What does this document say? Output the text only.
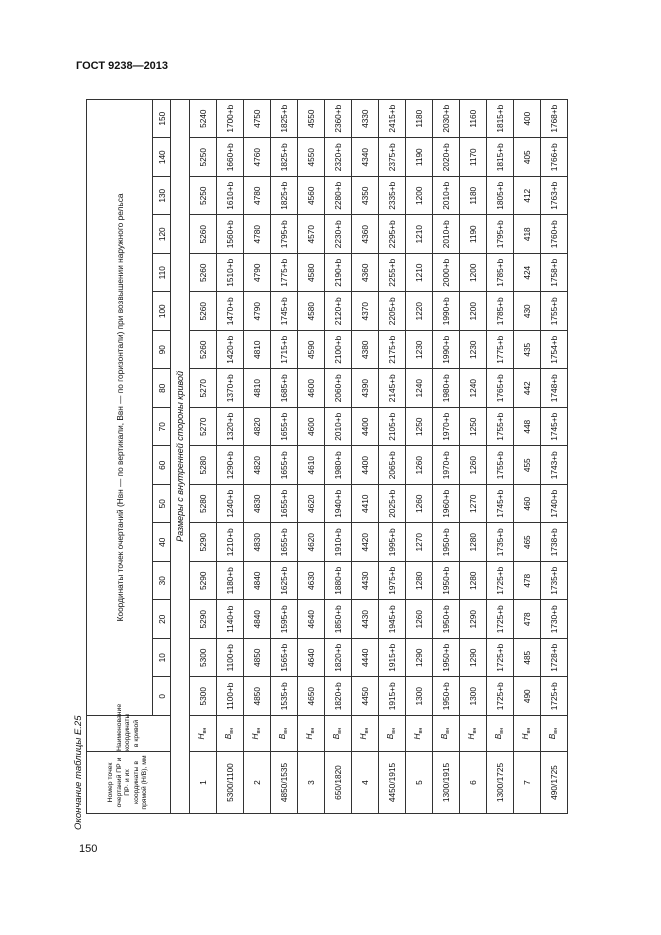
ГОСТ 9238—2013
Окончание таблицы Е.25	Номер точек очертаний ПР и ПР· и их координаты в прямой (H/B), мм	Наименование координаты в кривой	Координаты точек очертаний (Hвн — по вертикали, Bвн — по горизонтали) при возвышении наружного рельса															
		0	10	20	30	40	50	60	70	80	90	100	110	120	130	140	150
Размеры с внутренней стороны кривой																	
1	$H_{вн}$	5300	5300	5290	5290	5290	5280	5280	5270	5270	5260	5260	5260	5260	5250	5250	5240
5300/1100	$B_{вн}$	1100+b	1100+b	1140+b	1180+b	1210+b	1240+b	1290+b	1320+b	1370+b	1420+b	1470+b	1510+b	1560+b	1610+b	1660+b	1700+b
2	$H_{вн}$	4850	4850	4840	4840	4830	4830	4820	4820	4810	4810	4790	4790	4780	4780	4760	4750
4850/1535	$B_{вн}$	1535+b	1565+b	1595+b	1625+b	1655+b	1655+b	1655+b	1655+b	1685+b	1715+b	1745+b	1775+b	1795+b	1825+b	1825+b	1825+b
3	$H_{вн}$	4650	4640	4640	4630	4620	4620	4610	4600	4600	4590	4580	4580	4570	4560	4550	4550
650/1820	$B_{вн}$	1820+b	1820+b	1850+b	1880+b	1910+b	1940+b	1980+b	2010+b	2060+b	2100+b	2120+b	2190+b	2230+b	2280+b	2320+b	2360+b
4	$H_{вн}$	4450	4440	4430	4430	4420	4410	4400	4400	4390	4380	4370	4360	4360	4350	4340	4330
4450/1915	$B_{вн}$	1915+b	1915+b	1945+b	1975+b	1995+b	2025+b	2065+b	2105+b	2145+b	2175+b	2205+b	2255+b	2295+b	2335+b	2375+b	2415+b
5	$H_{вн}$	1300	1290	1260	1280	1270	1260	1260	1250	1240	1230	1220	1210	1210	1200	1190	1180
1300/1915	$B_{вн}$	1950+b	1950+b	1950+b	1950+b	1950+b	1960+b	1970+b	1970+b	1980+b	1990+b	1990+b	2000+b	2010+b	2010+b	2020+b	2030+b
6	$H_{вн}$	1300	1290	1290	1280	1280	1270	1260	1250	1240	1230	1200	1200	1190	1180	1170	1160
1300/1725	$B_{вн}$	1725+b	1725+b	1725+b	1725+b	1735+b	1745+b	1755+b	1755+b	1765+b	1775+b	1785+b	1785+b	1795+b	1805+b	1815+b	1815+b
7	$H_{вн}$	490	485	478	478	465	460	455	448	442	435	430	424	418	412	405	400
490/1725	$B_{вн}$	1725+b	1728+b	1730+b	1735+b	1738+b	1740+b	1743+b	1745+b	1748+b	1754+b	1755+b	1758+b	1760+b	1763+b	1766+b	1768+b
150
